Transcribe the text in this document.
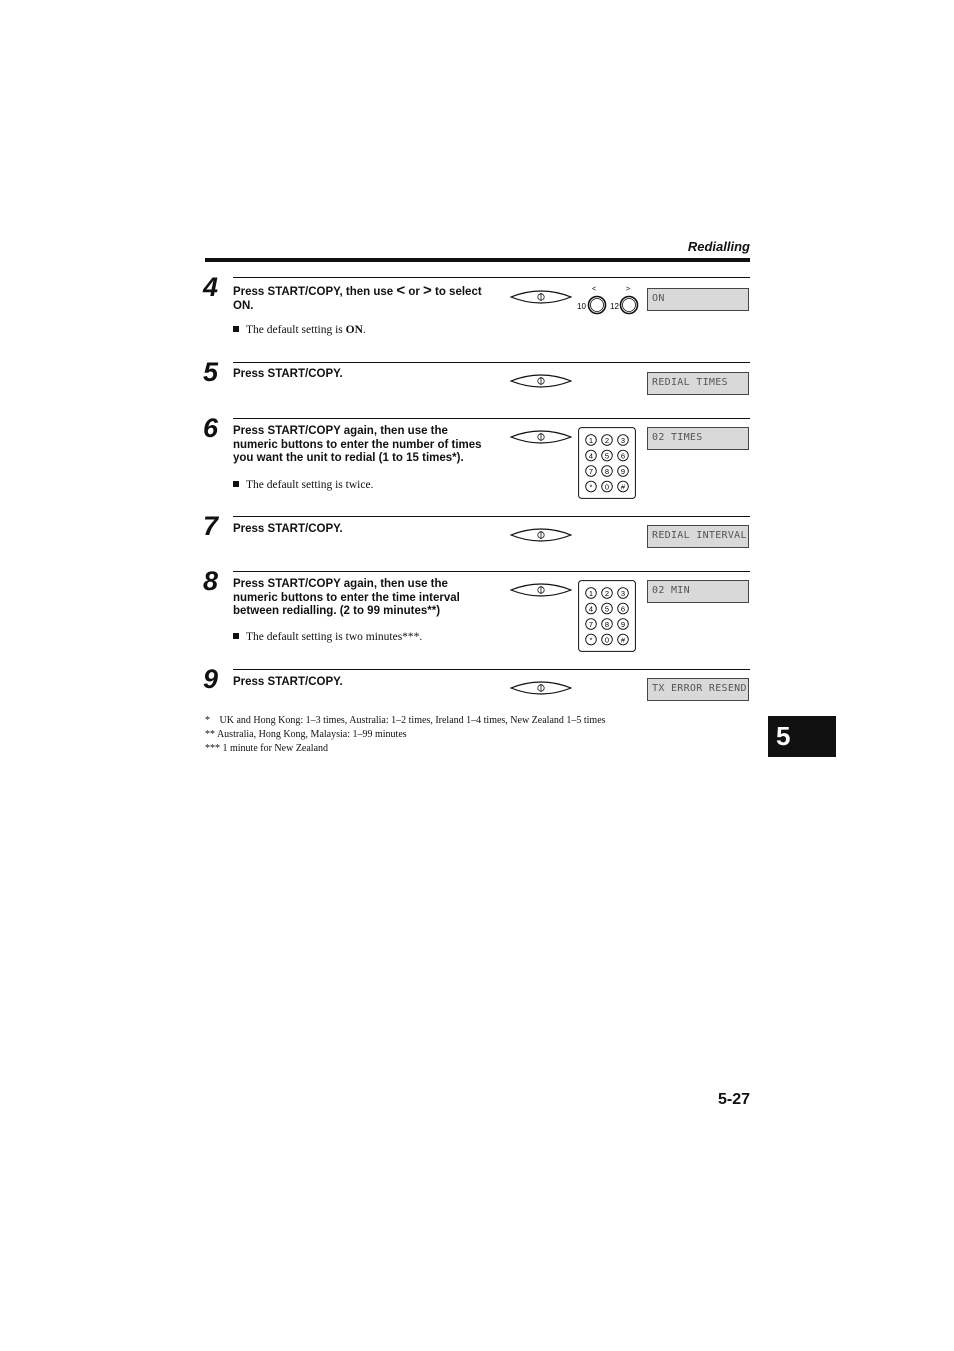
Redialling
4	Press START/COPY, then use < or > to select ON.
The default setting is ON.
<	>
10	12
ON
5	Press START/COPY.
REDIAL TIMES
6	Press START/COPY again, then use the numeric buttons to enter the number of times you want the unit to redial (1 to 15 times*).
The default setting is twice.
1 2 3
4 5 6
7 8 9
* 0 #
02 TIMES
7	Press START/COPY.
REDIAL INTERVAL
8	Press START/COPY again, then use the numeric buttons to enter the time interval between redialling. (2 to 99 minutes**)
The default setting is two minutes***.
1 2 3
4 5 6
7 8 9
* 0 #
02 MIN
9	Press START/COPY.
TX ERROR RESEND
* UK and Hong Kong: 1–3 times, Australia: 1–2 times, Ireland 1–4 times, New Zealand 1–5 times
** Australia, Hong Kong, Malaysia: 1–99 minutes
*** 1 minute for New Zealand	5
5-27
